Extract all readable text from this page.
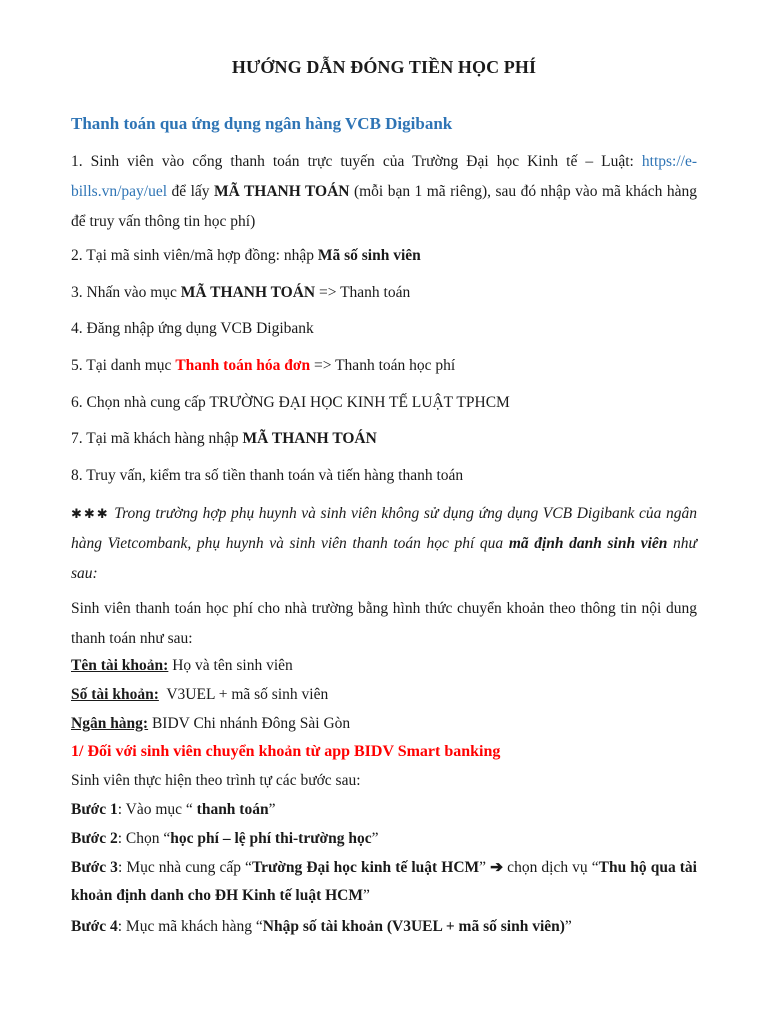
HƯỚNG DẪN ĐÓNG TIỀN HỌC PHÍ
Thanh toán qua ứng dụng ngân hàng VCB Digibank
1. Sinh viên vào cổng thanh toán trực tuyến của Trường Đại học Kinh tế – Luật: https://e-bills.vn/pay/uel để lấy MÃ THANH TOÁN (mỗi bạn 1 mã riêng), sau đó nhập vào mã khách hàng để truy vấn thông tin học phí)
2. Tại mã sinh viên/mã hợp đồng: nhập Mã số sinh viên
3. Nhấn vào mục MÃ THANH TOÁN => Thanh toán
4. Đăng nhập ứng dụng VCB Digibank
5. Tại danh mục Thanh toán hóa đơn => Thanh toán học phí
6. Chọn nhà cung cấp TRƯỜNG ĐẠI HỌC KINH TẾ LUẬT TPHCM
7. Tại mã khách hàng nhập MÃ THANH TOÁN
8. Truy vấn, kiểm tra số tiền thanh toán và tiến hàng thanh toán
✱✱✱ Trong trường hợp phụ huynh và sinh viên không sử dụng ứng dụng VCB Digibank của ngân hàng Vietcombank, phụ huynh và sinh viên thanh toán học phí qua mã định danh sinh viên như sau:
Sinh viên thanh toán học phí cho nhà trường bằng hình thức chuyển khoản theo thông tin nội dung thanh toán như sau:
Tên tài khoản: Họ và tên sinh viên
Số tài khoản:  V3UEL + mã số sinh viên
Ngân hàng: BIDV Chi nhánh Đông Sài Gòn
1/ Đối với sinh viên chuyển khoản từ app BIDV Smart banking
Sinh viên thực hiện theo trình tự các bước sau:
Bước 1: Vào mục “ thanh toán”
Bước 2: Chọn “học phí – lệ phí thi-trường học”
Bước 3: Mục nhà cung cấp “Trường Đại học kinh tế luật HCM” ➔ chọn dịch vụ “Thu hộ qua tài khoản định danh cho ĐH Kinh tế luật HCM”
Bước 4: Mục mã khách hàng “Nhập số tài khoản (V3UEL + mã số sinh viên)”
